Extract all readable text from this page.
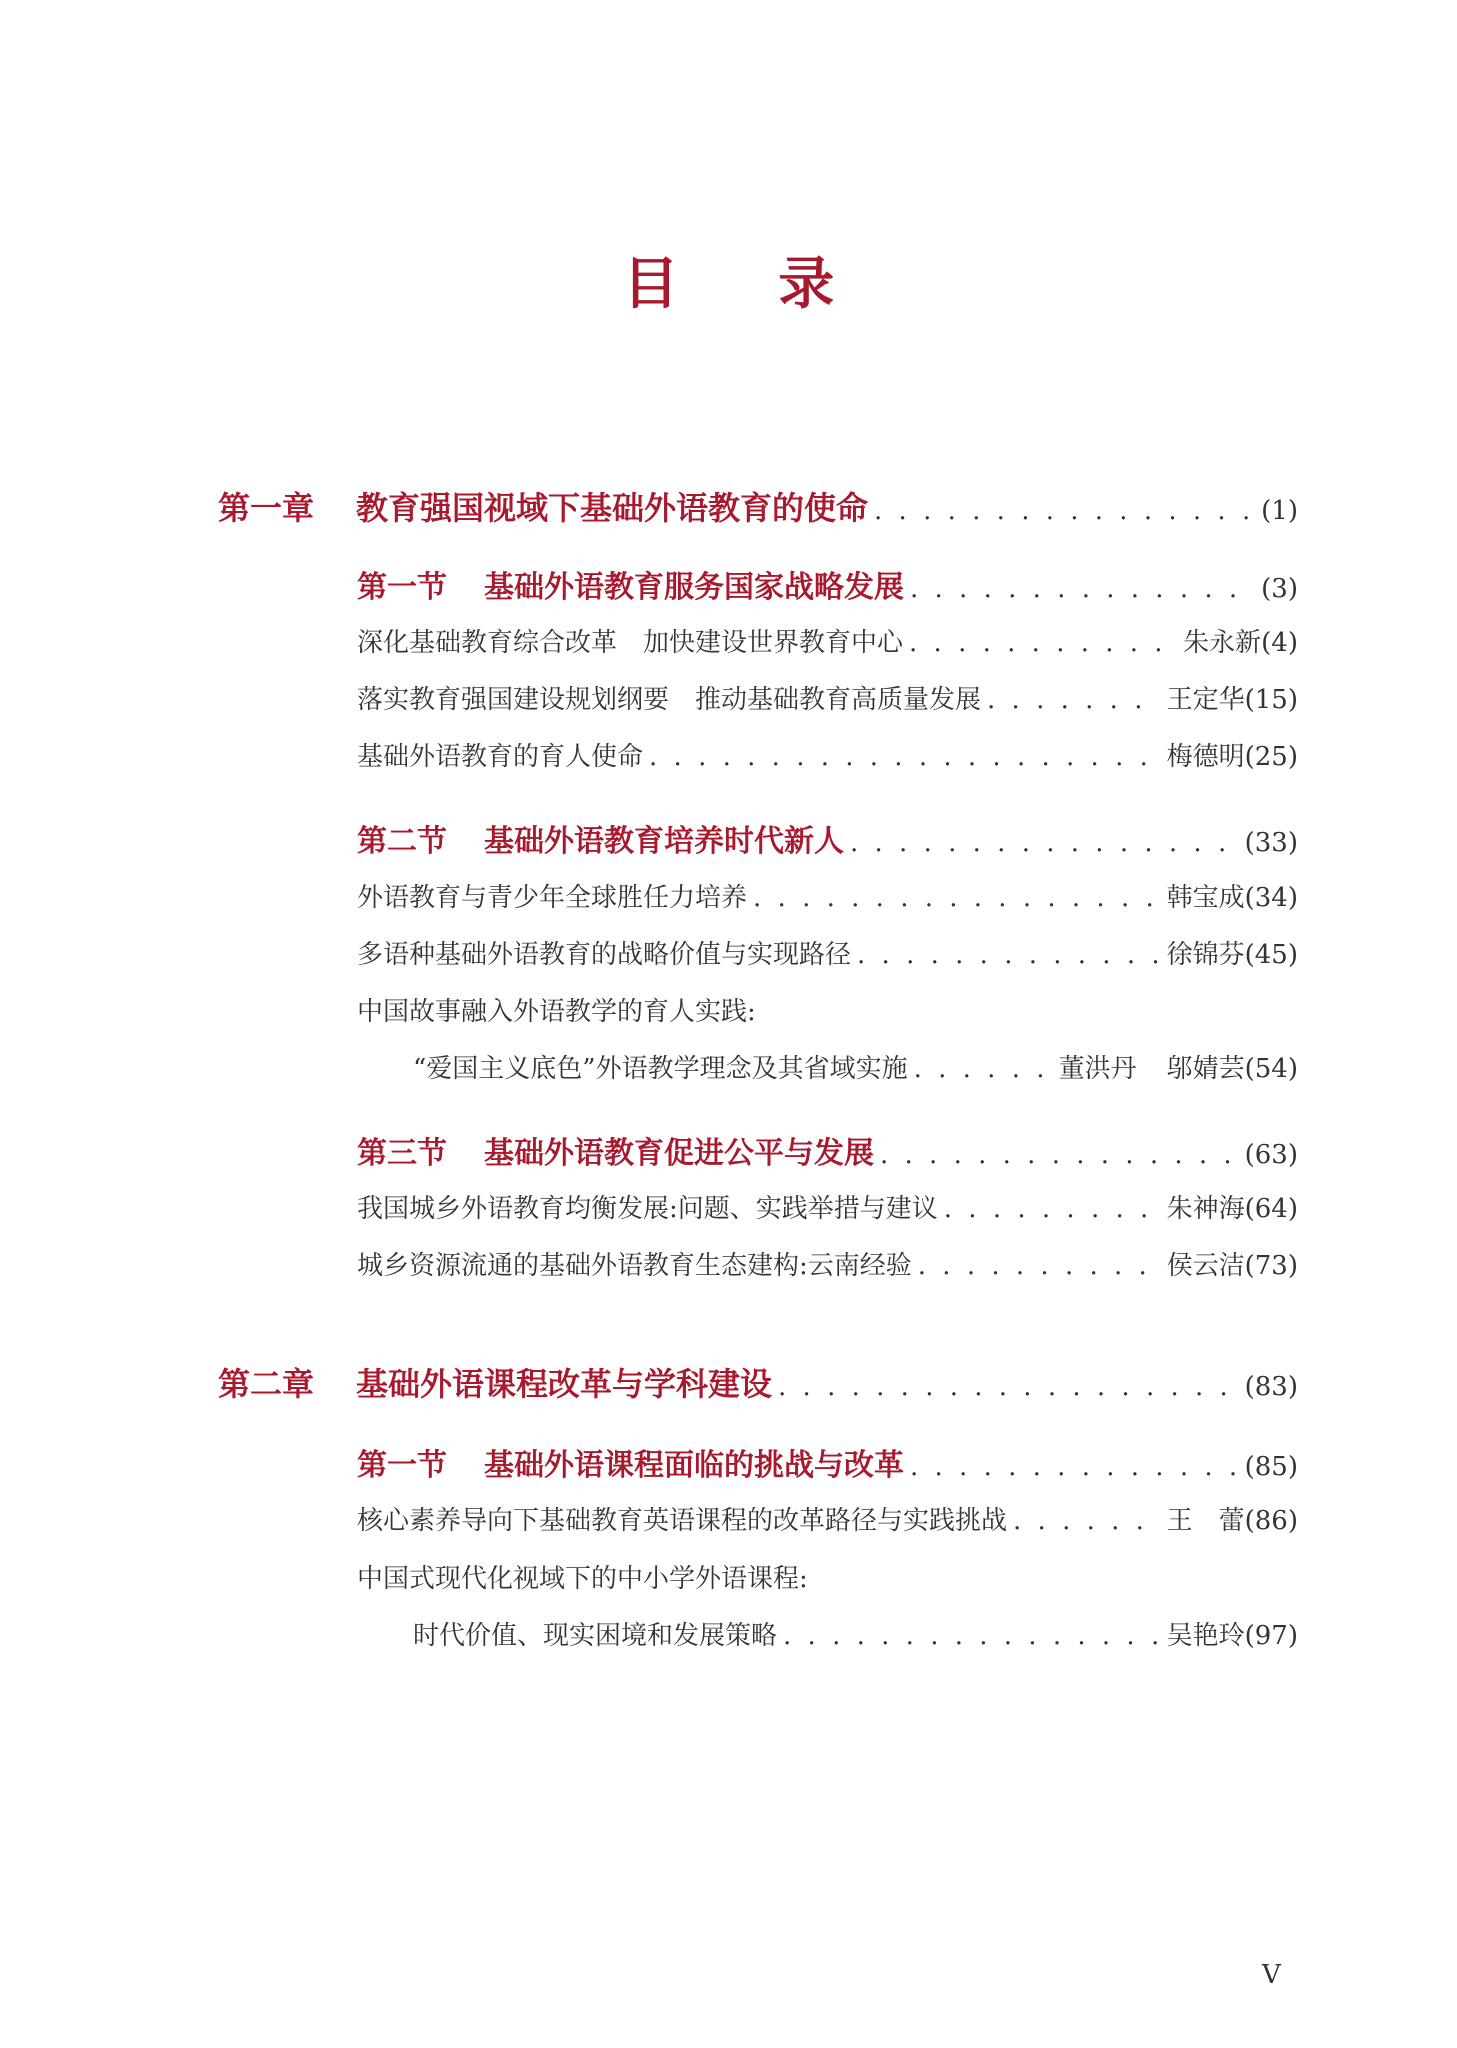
目 录
第一章	教育强国视域下基础外语教育的使命 . . .	(1)
第一节	基础外语教育服务国家战略发展 . . .	(3)
深化基础教育综合改革　加快建设世界教育中心 . . .	朱永新 (4)
落实教育强国建设规划纲要　推动基础教育高质量发展 . . .	王定华 (15)
基础外语教育的育人使命 . . .	梅德明 (25)
第二节	基础外语教育培养时代新人 . . .	(33)
外语教育与青少年全球胜任力培养 . . .	韩宝成 (34)
多语种基础外语教育的战略价值与实现路径 . . .	徐锦芬 (45)
中国故事融入外语教学的育人实践:
“爱国主义底色”外语教学理念及其省域实施 . . .	董洪丹 邬婧芸 (54)
第三节	基础外语教育促进公平与发展 . . .	(63)
我国城乡外语教育均衡发展:问题、实践举措与建议 . . .	朱神海 (64)
城乡资源流通的基础外语教育生态建构:云南经验 . . .	侯云洁 (73)
第二章	基础外语课程改革与学科建设 . . .	(83)
第一节	基础外语课程面临的挑战与改革 . . .	(85)
核心素养导向下基础教育英语课程的改革路径与实践挑战 . . .	王　蕾 (86)
中国式现代化视域下的中小学外语课程:
时代价值、现实困境和发展策略 . . .	吴艳玲 (97)
V
